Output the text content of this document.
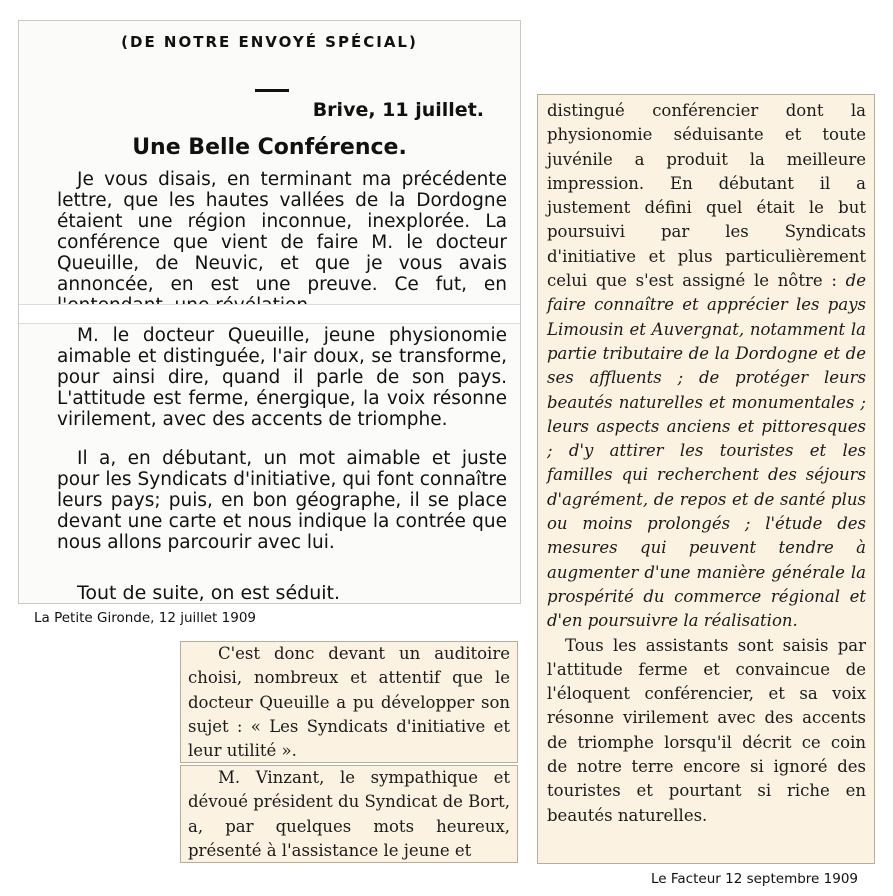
(DE NOTRE ENVOYÉ SPÉCIAL)
Brive, 11 juillet.
Une Belle Conférence.

Je vous disais, en terminant ma précédente lettre, que les hautes vallées de la Dordogne étaient une région inconnue, inexplorée. La conférence que vient de faire M. le docteur Queuille, de Neuvic, et que je vous avais annoncée, en est une preuve. Ce fut, en

M. le docteur Queuille, jeune physionomie aimable et distinguée, l'air doux, se transforme, pour ainsi dire, quand il parle de son pays. L'attitude est ferme, énergique, la voix résonne virilement, avec des accents de triomphe.

Il a, en débutant, un mot aimable et juste pour les Syndicats d'initiative, qui font connaître leurs pays; puis, en bon géographe, il se place devant une carte et nous indique la contrée que nous allons parcourir avec lui.

Tout de suite, on est séduit.

La Petite Gironde, 12 juillet 1909

C'est donc devant un auditoire choisi, nombreux et attentif que le docteur Queuille a pu développer son sujet : « Les Syndicats d'initiative et leur utilité ».

M. Vinzant, le sympathique et dévoué président du Syndicat de Bort, a, par quelques mots heureux, présenté à l'assistance le jeune et

distingué conférencier dont la physionomie séduisante et toute juvénile a produit la meilleure impression. En débutant il a justement défini quel était le but poursuivi par les Syndicats d'initiative et plus particulièrement celui que s'est assigné le nôtre : de faire connaître et apprécier les pays Limousin et Auvergnat, notamment la partie tributaire de la Dordogne et de ses affluents ; de protéger leurs beautés naturelles et monumentales ; leurs aspects anciens et pittoresques ; d'y attirer les touristes et les familles qui recherchent des séjours d'agrément, de repos et de santé plus ou moins prolongés ; l'étude des mesures qui peuvent tendre à augmenter d'une manière générale la prospérité du commerce régional et d'en poursuivre la réalisation.

Tous les assistants sont saisis par l'attitude ferme et convaincue de l'éloquent conférencier, et sa voix résonne virilement avec des accents de triomphe lorsqu'il décrit ce coin de notre terre encore si ignoré des touristes et pourtant si riche en beautés naturelles.

Le Facteur 12 septembre 1909
